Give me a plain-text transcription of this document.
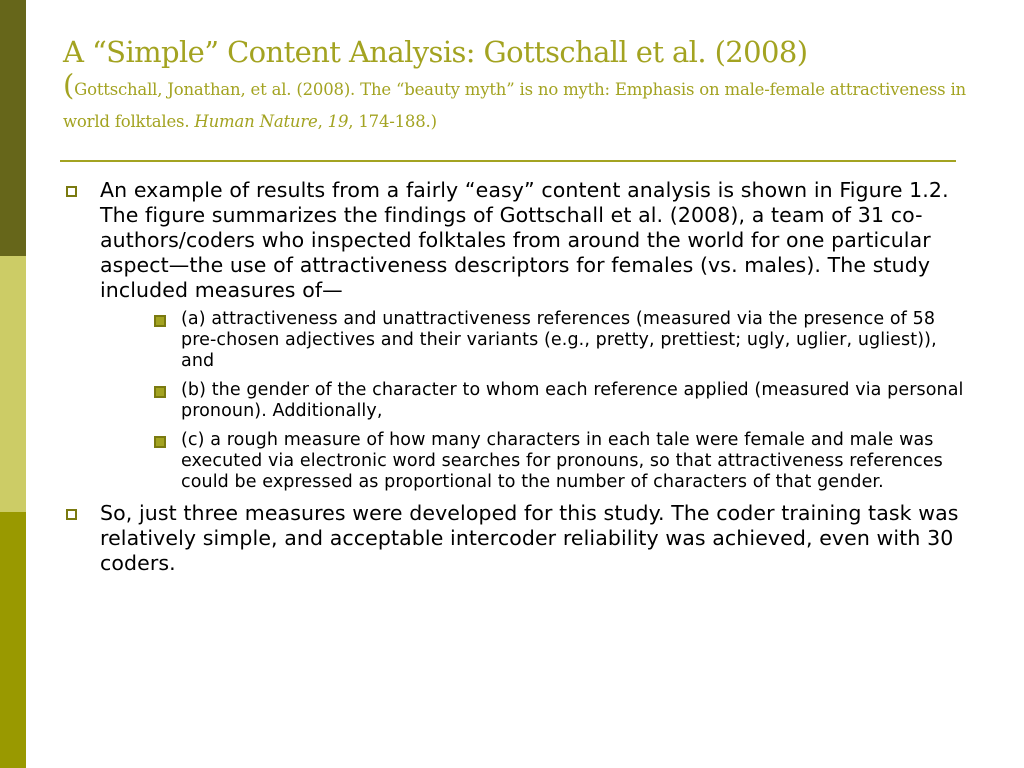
A “Simple” Content Analysis: Gottschall et al. (2008)
(Gottschall, Jonathan, et al. (2008). The “beauty myth” is no myth: Emphasis on male-female attractiveness in world folktales. Human Nature, 19, 174-188.)
An example of results from a fairly “easy” content analysis is shown in Figure 1.2. The figure summarizes the findings of Gottschall et al. (2008), a team of 31 co-authors/coders who inspected folktales from around the world for one particular aspect—the use of attractiveness descriptors for females (vs. males). The study included measures of—
(a) attractiveness and unattractiveness references (measured via the presence of 58 pre-chosen adjectives and their variants (e.g., pretty, prettiest; ugly, uglier, ugliest)), and
(b) the gender of the character to whom each reference applied (measured via personal pronoun). Additionally,
(c) a rough measure of how many characters in each tale were female and male was executed via electronic word searches for pronouns, so that attractiveness references could be expressed as proportional to the number of characters of that gender.
So, just three measures were developed for this study. The coder training task was relatively simple, and acceptable intercoder reliability was achieved, even with 30 coders.
